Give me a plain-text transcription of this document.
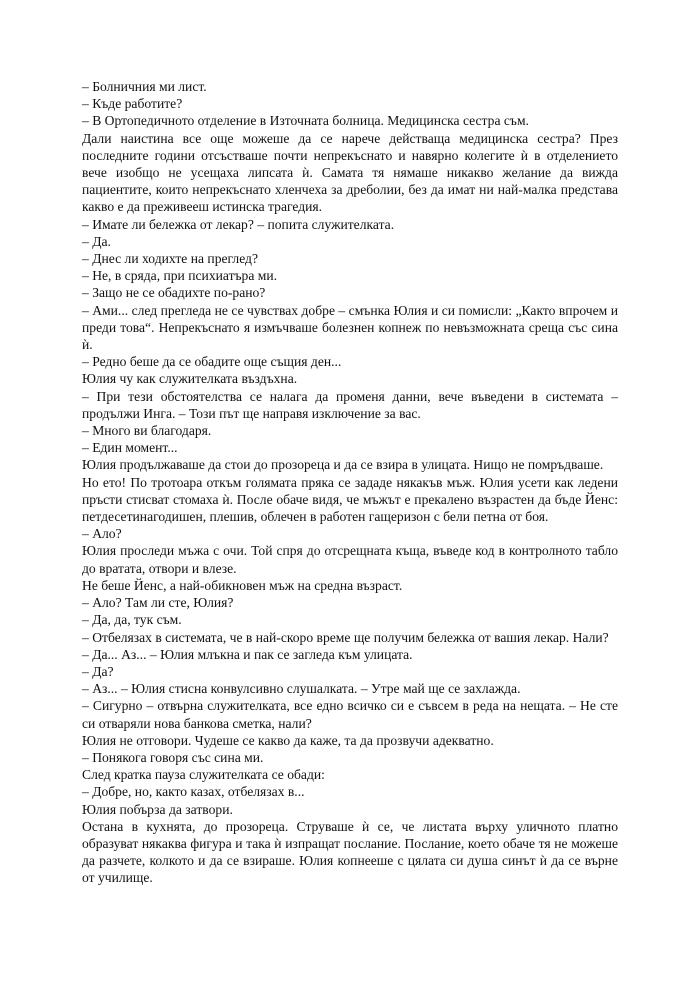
– Болничния ми лист.

– Къде работите?

– В Ортопедичното отделение в Източната болница. Медицинска сестра съм.

Дали наистина все още можеше да се нарече действаща медицинска сестра? През последните години отсъстваше почти непрекъснато и навярно колегите ѝ в отделението вече изобщо не усещаха липсата ѝ. Самата тя нямаше никакво желание да вижда пациентите, които непрекъснато хленчеха за дреболии, без да имат ни най-малка представа какво е да преживееш истинска трагедия.

– Имате ли бележка от лекар? – попита служителката.

– Да.

– Днес ли ходихте на преглед?

– Не, в сряда, при психиатъра ми.

– Защо не се обадихте по-рано?

– Ами... след прегледа не се чувствах добре – смънка Юлия и си помисли: „Както впрочем и преди това“. Непрекъснато я измъчваше болезнен копнеж по невъзможната среща със сина ѝ.

– Редно беше да се обадите още същия ден...

Юлия чу как служителката въздъхна.

– При тези обстоятелства се налага да променя данни, вече въведени в системата – продължи Инга. – Този път ще направя изключение за вас.

– Много ви благодаря.

– Един момент...

Юлия продължаваше да стои до прозореца и да се взира в улицата. Нищо не помръдваше.

Но ето! По тротоара откъм голямата пряка се зададе някакъв мъж. Юлия усети как ледени пръсти стисват стомаха ѝ. После обаче видя, че мъжът е прекалено възрастен да бъде Йенс: петдесетинагодишен, плешив, облечен в работен гащеризон с бели петна от боя.

– Ало?

Юлия проследи мъжа с очи. Той спря до отсрещната къща, въведе код в контролното табло до вратата, отвори и влезе.

Не беше Йенс, а най-обикновен мъж на средна възраст.

– Ало? Там ли сте, Юлия?

– Да, да, тук съм.

– Отбелязах в системата, че в най-скоро време ще получим бележка от вашия лекар. Нали?

– Да... Аз... – Юлия млъкна и пак се загледа към улицата.

– Да?

– Аз... – Юлия стисна конвулсивно слушалката. – Утре май ще се захлажда.

– Сигурно – отвърна служителката, все едно всичко си е съвсем в реда на нещата. – Не сте си отваряли нова банкова сметка, нали?

Юлия не отговори. Чудеше се какво да каже, та да прозвучи адекватно.

– Понякога говоря със сина ми.

След кратка пауза служителката се обади:

– Добре, но, както казах, отбелязах в...

Юлия побърза да затвори.

Остана в кухнята, до прозореца. Струваше ѝ се, че листата върху уличното платно образуват някаква фигура и така ѝ изпращат послание. Послание, което обаче тя не можеше да разчете, колкото и да се взираше. Юлия копнееше с цялата си душа синът ѝ да се върне от училище.
